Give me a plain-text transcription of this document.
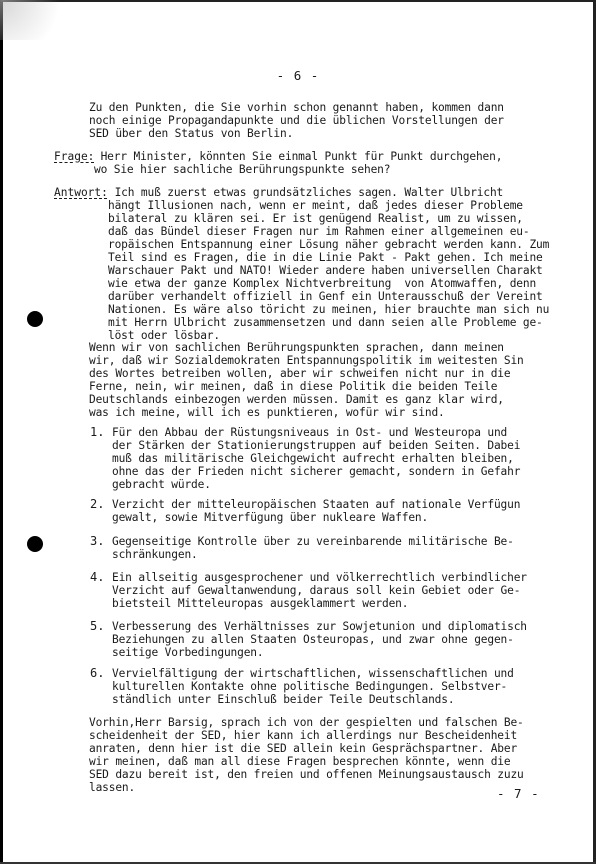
- 6 -
Zu den Punkten, die Sie vorhin schon genannt haben, kommen dann
noch einige Propagandapunkte und die üblichen Vorstellungen der
SED über den Status von Berlin.
Frage: Herr Minister, könnten Sie einmal Punkt für Punkt durchgehen,
wo Sie hier sachliche Berührungspunkte sehen?
Antwort: Ich muß zuerst etwas grundsätzliches sagen. Walter Ulbricht
hängt Illusionen nach, wenn er meint, daß jedes dieser Probleme
bilateral zu klären sei. Er ist genügend Realist, um zu wissen,
daß das Bündel dieser Fragen nur im Rahmen einer allgemeinen eu-
ropäischen Entspannung einer Lösung näher gebracht werden kann. Zum
Teil sind es Fragen, die in die Linie Pakt - Pakt gehen. Ich meine
Warschauer Pakt und NATO! Wieder andere haben universellen Charakt
wie etwa der ganze Komplex Nichtverbreitung  von Atomwaffen, denn
darüber verhandelt offiziell in Genf ein Unterausschuß der Vereint
Nationen. Es wäre also töricht zu meinen, hier brauchte man sich nu
mit Herrn Ulbricht zusammensetzen und dann seien alle Probleme ge-
löst oder lösbar.
Wenn wir von sachlichen Berührungspunkten sprachen, dann meinen
wir, daß wir Sozialdemokraten Entspannungspolitik im weitesten Sin
des Wortes betreiben wollen, aber wir schweifen nicht nur in die
Ferne, nein, wir meinen, daß in diese Politik die beiden Teile
Deutschlands einbezogen werden müssen. Damit es ganz klar wird,
was ich meine, will ich es punktieren, wofür wir sind.
1. Für den Abbau der Rüstungsniveaus in Ost- und Westeuropa und
der Stärken der Stationierungstruppen auf beiden Seiten. Dabei
muß das militärische Gleichgewicht aufrecht erhalten bleiben,
ohne das der Frieden nicht sicherer gemacht, sondern in Gefahr
gebracht würde.
2. Verzicht der mitteleuropäischen Staaten auf nationale Verfügun
gewalt, sowie Mitverfügung über nukleare Waffen.
3. Gegenseitige Kontrolle über zu vereinbarende militärische Be-
schränkungen.
4. Ein allseitig ausgesprochener und völkerrechtlich verbindlicher
Verzicht auf Gewaltanwendung, daraus soll kein Gebiet oder Ge-
bietsteil Mitteleuropas ausgeklammert werden.
5. Verbesserung des Verhältnisses zur Sowjetunion und diplomatisch
Beziehungen zu allen Staaten Osteuropas, und zwar ohne gegen-
seitige Vorbedingungen.
6. Vervielfältigung der wirtschaftlichen, wissenschaftlichen und
kulturellen Kontakte ohne politische Bedingungen. Selbstver-
ständlich unter Einschluß beider Teile Deutschlands.
Vorhin,Herr Barsig, sprach ich von der gespielten und falschen Be-
scheidenheit der SED, hier kann ich allerdings nur Bescheidenheit
anraten, denn hier ist die SED allein kein Gesprächspartner. Aber
wir meinen, daß man all diese Fragen besprechen könnte, wenn die
SED dazu bereit ist, den freien und offenen Meinungsaustausch zuzu
lassen.	- 7 -
